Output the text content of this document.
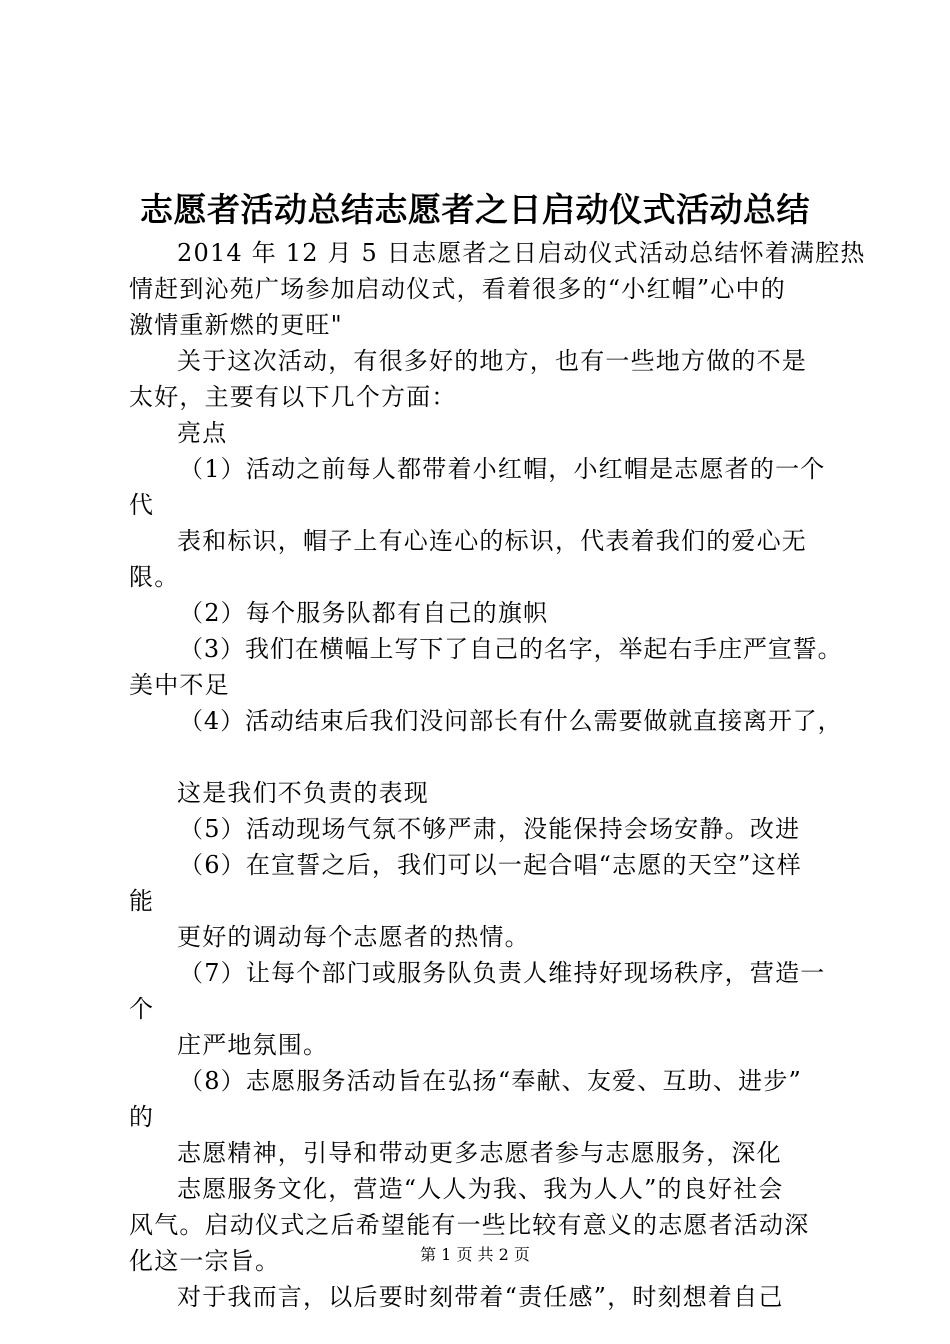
志愿者活动总结志愿者之日启动仪式活动总结
2014 年 12 月 5 日志愿者之日启动仪式活动总结怀着满腔热
情赶到沁苑广场参加启动仪式，看着很多的“小红帽”心中的
激情重新燃的更旺"
关于这次活动，有很多好的地方，也有一些地方做的不是
太好，主要有以下几个方面：
亮点
（1）活动之前每人都带着小红帽，小红帽是志愿者的一个
代
表和标识，帽子上有心连心的标识，代表着我们的爱心无
限。
（2）每个服务队都有自己的旗帜
（3）我们在横幅上写下了自己的名字，举起右手庄严宣誓。
美中不足
（4）活动结束后我们没问部长有什么需要做就直接离开了，
这是我们不负责的表现
（5）活动现场气氛不够严肃，没能保持会场安静。改进
（6）在宣誓之后，我们可以一起合唱“志愿的天空”这样
能
更好的调动每个志愿者的热情。
（7）让每个部门或服务队负责人维持好现场秩序，营造一
个
庄严地氛围。
（8）志愿服务活动旨在弘扬“奉献、友爱、互助、进步”
的
志愿精神，引导和带动更多志愿者参与志愿服务，深化
志愿服务文化，营造“人人为我、我为人人”的良好社会
风气。启动仪式之后希望能有一些比较有意义的志愿者活动深
化这一宗旨。
对于我而言，以后要时刻带着“责任感”，时刻想着自己
第 1 页 共 2 页
